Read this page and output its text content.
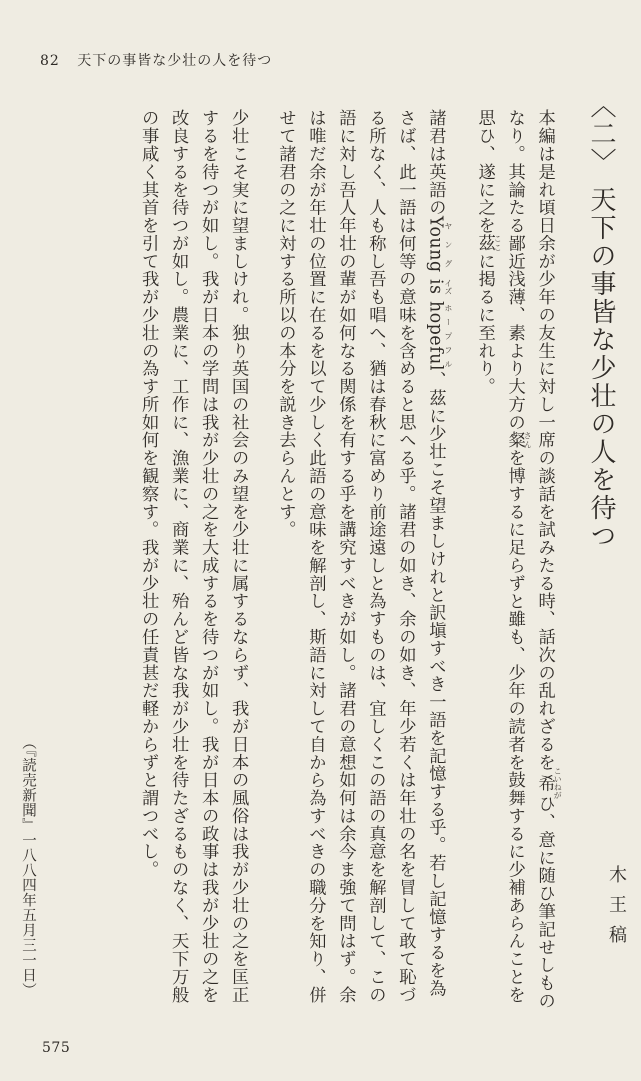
82 天下の事皆な少壮の人を待つ
〈二〉天下の事皆な少壮の人を待つ

本編は是れ頃日余が少年の友生に対し一席の談話を試みたる時、話次の乱れざるを希こいねがひ、意に随ひ筆記せしものなり。其論たる鄙近浅薄、素より大方の粲さんを博するに足らずと雖も、少年の読者を鼓舞するに少補あらんことを思ひ、遂に之を茲ここに掲るに至れり。

諸君は英語のYoungヤング isイズ hopefulホープフル、茲に少壮こそ望ましけれと訳塡すべき一語を記憶する乎。若し記憶するを為さば、此一語は何等の意味を含めると思へる乎。諸君の如き、余の如き、年少若くは年壮の名を冒して敢て恥づる所なく、人も称し吾も唱へ、猶は春秋に富めり前途遠しと為すものは、宜しくこの語の真意を解剖して、この語に対し吾人年壮の輩が如何なる関係を有する乎を講究すべきが如し。諸君の意想如何は余今ま強て問はず。余は唯だ余が年壮の位置に在るを以て少しく此語の意味を解剖し、斯語に対して自から為すべきの職分を知り、併せて諸君の之に対する所以の本分を説き去らんとす。

少壮こそ実に望ましけれ。独り英国の社会のみ望を少壮に属するならず、我が日本の風俗は我が少壮の之を匡正するを待つが如し。我が日本の学問は我が少壮の之を大成するを待つが如し。我が日本の政事は我が少壮の之を改良するを待つが如し。農業に、工作に、漁業に、商業に、殆んど皆な我が少壮を待たざるものなく、天下万般の事咸く其首を引て我が少壮の為す所如何を観察す。我が少壮の任責甚だ軽からずと謂つべし。

木王稿
（『読売新聞』一八八四年五月三一日）
575
